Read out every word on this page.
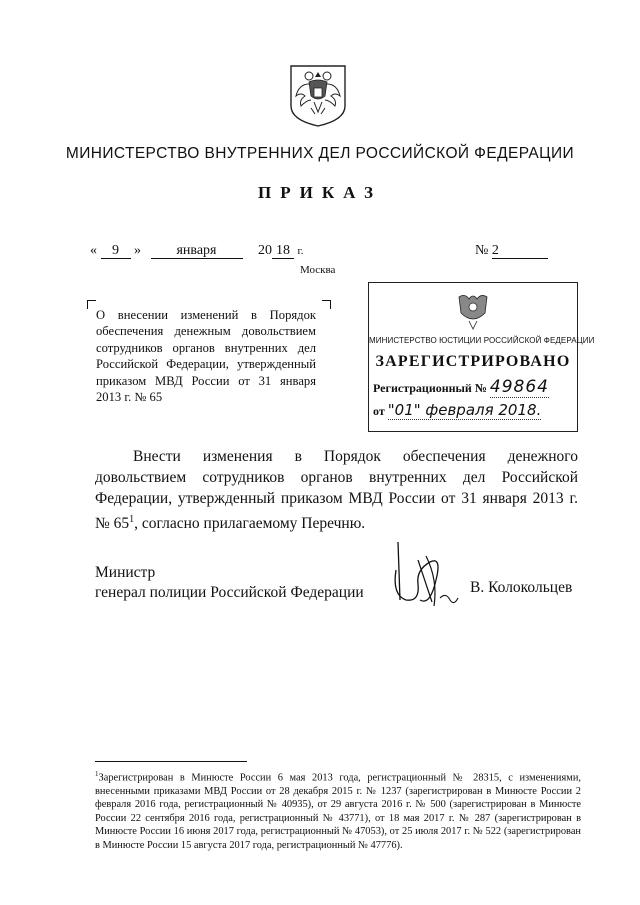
МИНИСТЕРСТВО ВНУТРЕННИХ ДЕЛ РОССИЙСКОЙ ФЕДЕРАЦИИ
ПРИКАЗ
« 9 »	января	20 18 г.	№ 2
Москва
О внесении изменений в Порядок обеспечения денежным довольствием сотрудников органов внутренних дел Российской Федерации, утвержденный приказом МВД России от 31 января 2013 г. № 65
МИНИСТЕРСТВО ЮСТИЦИИ РОССИЙСКОЙ ФЕДЕРАЦИИ
ЗАРЕГИСТРИРОВАНО
Регистрационный № 49864
от "01" февраля 2018.
Внести изменения в Порядок обеспечения денежного довольствием сотрудников органов внутренних дел Российской Федерации, утвержденный приказом МВД России от 31 января 2013 г. № $65^1$, согласно прилагаемому Перечню.
Министр
генерал полиции Российской Федерации	В. Колокольцев
$^1$Зарегистрирован в Минюсте России 6 мая 2013 года, регистрационный № 28315, с изменениями, внесенными приказами МВД России от 28 декабря 2015 г. № 1237 (зарегистрирован в Минюсте России 2 февраля 2016 года, регистрационный № 40935), от 29 августа 2016 г. № 500 (зарегистрирован в Минюсте России 22 сентября 2016 года, регистрационный № 43771), от 18 мая 2017 г. № 287 (зарегистрирован в Минюсте России 16 июня 2017 года, регистрационный № 47053), от 25 июля 2017 г. № 522 (зарегистрирован в Минюсте России 15 августа 2017 года, регистрационный № 47776).
